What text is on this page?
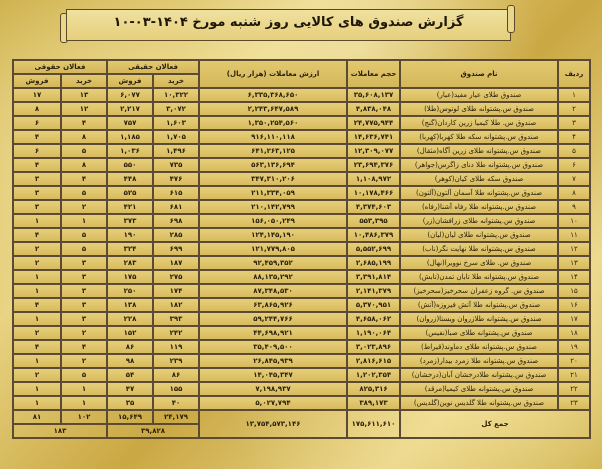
گزارش صندوق های کالایی روز شنبه مورخ ۱۴۰۴-۰۳-۱۰
ردیف	نام صندوق	حجم معاملات	ارزش معاملات (هزار ریال)	فعالان حقیقی		فعالان حقوقی	
				خرید	فروش	خرید	فروش
۱	صندوق طلای عیار مفید(عیار)	۳۵,۶۰۸,۱۳۷	۶,۳۳۵,۳۶۸,۶۵۰	۱۰,۳۲۲	۶,۰۷۷	۱۳	۱۷
۲	صندوق س.پشتوانه طلای لوتوس(طلا)	۴,۸۳۸,۰۴۸	۲,۲۴۳,۶۴۷,۵۸۹	۳,۰۷۲	۲,۲۱۷	۱۲	۸
۳	صندوق س. طلا کیمیا زرین کاردان(گنج)	۲۴,۷۷۵,۹۴۴	۱,۳۵۰,۲۵۴,۵۶۰	۱,۶۰۳	۷۵۷	۴	۶
۴	صندوق س.پشتوانه سکه طلا کهربا(کهربا)	۱۴,۶۳۶,۷۴۱	۹۱۶,۱۱۰,۱۱۸	۱,۷۰۵	۱,۱۸۵	۸	۴
۵	صندوق س.پشتوانه طلای زرین آگاه(مثقال)	۱۲,۳۰۹,۰۷۷	۶۴۱,۲۶۳,۱۲۵	۱,۴۹۶	۱,۰۳۶	۵	۶
۶	صندوق س.پشتوانه طلا دنای زاگرس(جواهر)	۲۳,۶۹۴,۳۷۶	۵۶۳,۱۳۶,۶۹۴	۷۳۵	۵۵۰	۸	۴
۷	صندوق سکه طلای کیان(کوهر)	۱,۱۰۸,۹۷۲	۳۴۷,۳۱۰,۲۰۶	۴۷۶	۴۴۸	۴	۳
۸	صندوق س.پشتوانه طلا آسمان آلتون(آلتون)	۱۰,۱۷۸,۴۶۶	۲۱۱,۳۳۴,۰۵۹	۶۱۵	۵۲۵	۵	۳
۹	صندوق س.پشتوانه طلا رفاه آشنا(رفاه)	۴,۳۷۴,۶۰۳	۲۱۰,۱۴۲,۷۹۹	۶۸۱	۴۲۱	۲	۳
۱۰	صندوق س.پشتوانه طلای زرافشان(زر)	۵۵۳,۳۹۵	۱۵۶,۰۵۰,۲۴۹	۶۹۸	۳۷۳	۱	۱
۱۱	صندوق س.پشتوانه طلای لیان(لیان)	۱۰,۴۸۶,۳۷۹	۱۲۴,۱۴۵,۱۹۰	۲۸۵	۱۹۰	۵	۴
۱۲	صندوق س.پشتوانه طلا نهایت نگر(ناب)	۵,۵۵۲,۶۹۹	۱۲۱,۷۷۹,۸۰۵	۶۹۹	۳۲۴	۵	۲
۱۳	صندوق س. طلای سرخ نوویرا(نهال)	۲,۶۸۵,۱۹۹	۹۲,۴۵۹,۳۵۲	۱۸۷	۲۸۳	۳	۲
۱۴	صندوق س.پشتوانه طلا تابان تمدن(تابش)	۳,۳۹۱,۸۱۴	۸۸,۱۳۵,۲۹۲	۲۷۵	۱۷۵	۳	۱
۱۵	صندوق س. گروه زعفران سحرخیز(سحرخیز)	۲,۱۴۱,۳۷۹	۸۷,۳۴۸,۵۳۰	۱۷۴	۲۵۰	۳	۱
۱۶	صندوق س.پشتوانه طلا آتش فیروزه(آتش)	۵,۳۷۰,۹۵۱	۶۳,۸۶۵,۹۲۶	۱۸۲	۱۳۸	۳	۴
۱۷	صندوق س.پشتوانه طلازروان ویستا(زروان)	۴,۶۵۸,۰۶۲	۵۹,۲۴۴,۷۶۶	۳۹۳	۲۲۸	۳	۱
۱۸	صندوق س.پشتوانه طلای صبا(نفیس)	۱,۱۹۰,۰۶۴	۴۴,۶۹۸,۹۲۱	۲۴۲	۱۵۲	۲	۲
۱۹	صندوق س.پشتوانه طلای دماوند(قیراط)	۳,۰۲۳,۸۹۶	۳۵,۴۰۹,۵۰۰	۱۱۹	۸۶	۴	۴
۲۰	صندوق س.پشتوانه طلا زمرد بیدار(زمرد)	۲,۸۱۶,۶۱۵	۲۶,۸۴۵,۹۳۹	۲۳۹	۹۸	۲	۱
۲۱	صندوق س.پشتوانه طلادرخشان آبان(درخشان)	۱,۲۰۲,۳۵۴	۱۴,۰۴۵,۳۴۷	۸۶	۵۴	۵	۲
۲۲	صندوق س.پشتوانه طلای کیمیا(مرقد)	۸۲۵,۳۱۶	۷,۱۹۸,۹۳۷	۱۵۵	۴۷	۱	۱
۲۳	صندوق س.پشتوانه طلا گلدیس نوین(گلدیس)	۳۸۹,۱۷۳	۵,۰۲۷,۷۹۴	۴۰	۳۵	۱	۱
جمع کل		۱۷۵,۶۱۱,۶۱۰	۱۳,۷۵۴,۵۷۳,۱۴۶	۲۴,۱۷۹	۱۵,۶۴۹	۱۰۲	۸۱
				۳۹,۸۲۸		۱۸۳	
